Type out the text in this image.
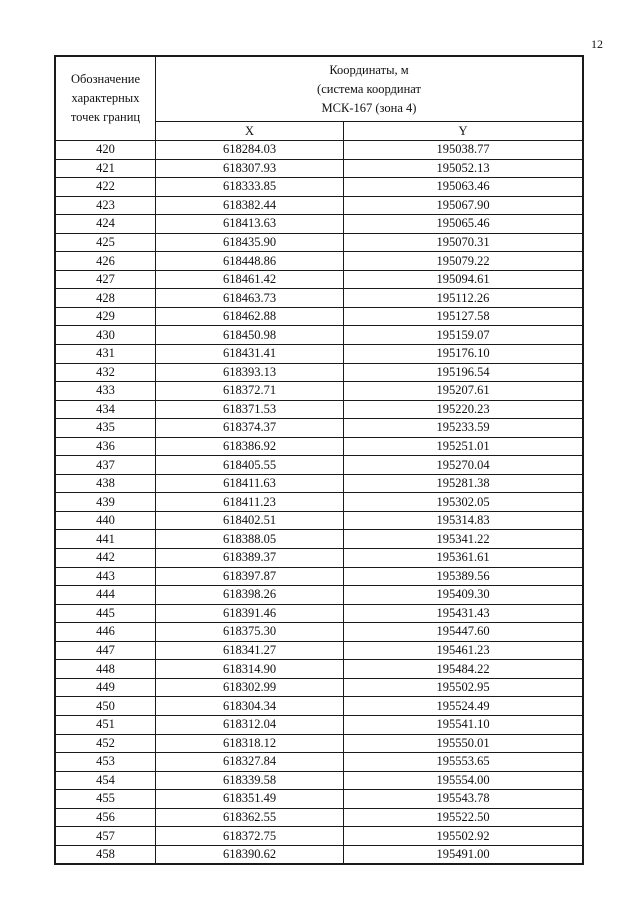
12
Обозначение
характерных
точек границ	Координаты, м
(система координат
МСК-167 (зона 4)	
	X	Y
420	618284.03	195038.77
421	618307.93	195052.13
422	618333.85	195063.46
423	618382.44	195067.90
424	618413.63	195065.46
425	618435.90	195070.31
426	618448.86	195079.22
427	618461.42	195094.61
428	618463.73	195112.26
429	618462.88	195127.58
430	618450.98	195159.07
431	618431.41	195176.10
432	618393.13	195196.54
433	618372.71	195207.61
434	618371.53	195220.23
435	618374.37	195233.59
436	618386.92	195251.01
437	618405.55	195270.04
438	618411.63	195281.38
439	618411.23	195302.05
440	618402.51	195314.83
441	618388.05	195341.22
442	618389.37	195361.61
443	618397.87	195389.56
444	618398.26	195409.30
445	618391.46	195431.43
446	618375.30	195447.60
447	618341.27	195461.23
448	618314.90	195484.22
449	618302.99	195502.95
450	618304.34	195524.49
451	618312.04	195541.10
452	618318.12	195550.01
453	618327.84	195553.65
454	618339.58	195554.00
455	618351.49	195543.78
456	618362.55	195522.50
457	618372.75	195502.92
458	618390.62	195491.00
